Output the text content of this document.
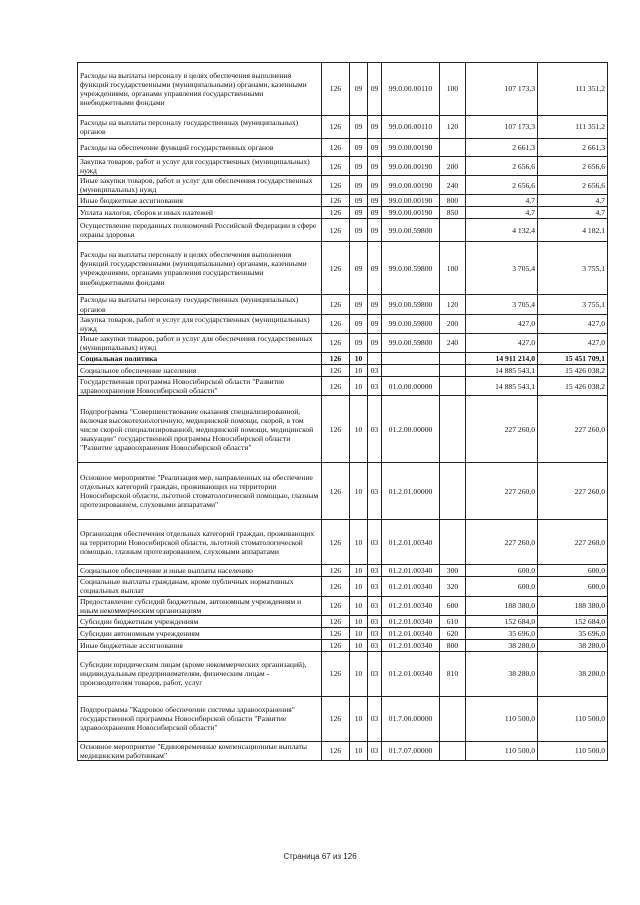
Расходы на выплаты персоналу в целях обеспечения выполнения функций государственными (муниципальными) органами, казенными учреждениями, органами управления государственными внебюджетными фондами	126	09	09	99.0.00.00110	100	107 173,3	111 351,2
Расходы на выплаты персоналу государственных (муниципальных) органов	126	09	09	99.0.00.00110	120	107 173,3	111 351,2
Расходы на обеспечение функций государственных органов	126	09	09	99.0.00.00190		2 661,3	2 661,3
Закупка товаров, работ и услуг для государственных (муниципальных) нужд	126	09	09	99.0.00.00190	200	2 656,6	2 656,6
Иные закупки товаров, работ и услуг для обеспечения государственных (муниципальных) нужд	126	09	09	99.0.00.00190	240	2 656,6	2 656,6
Иные бюджетные ассигнования	126	09	09	99.0.00.00190	800	4,7	4,7
Уплата налогов, сборов и иных платежей	126	09	09	99.0.00.00190	850	4,7	4,7
Осуществление переданных полномочий Российской Федерации в сфере охраны здоровья	126	09	09	99.0.00.59800		4 132,4	4 182,1
Расходы на выплаты персоналу в целях обеспечения выполнения функций государственными (муниципальными) органами, казенными учреждениями, органами управления государственными внебюджетными фондами	126	09	09	99.0.00.59800	100	3 705,4	3 755,1
Расходы на выплаты персоналу государственных (муниципальных) органов	126	09	09	99.0.00.59800	120	3 705,4	3 755,1
Закупка товаров, работ и услуг для государственных (муниципальных) нужд	126	09	09	99.0.00.59800	200	427,0	427,0
Иные закупки товаров, работ и услуг для обеспечения государственных (муниципальных) нужд	126	09	09	99.0.00.59800	240	427,0	427,0
Социальная политика	126	10				14 911 214,0	15 451 709,1
Социальное обеспечение населения	126	10	03			14 885 543,1	15 426 038,2
Государственная программа Новосибирской области "Развитие здравоохранения Новосибирской области"	126	10	03	01.0.00.00000		14 885 543,1	15 426 038,2
Подпрограмма "Совершенствование оказания специализированной, включая высокотехнологичную, медицинской помощи, скорой, в том числе скорой специализированной, медицинской помощи, медицинской эвакуации" государственной программы Новосибирской области "Развитие здравоохранения Новосибирской области"	126	10	03	01.2.00.00000		227 260,0	227 260,0
Основное мероприятие "Реализация мер, направленных на обеспечение отдельных категорий граждан, проживающих на территории Новосибирской области, льготной стоматологической помощью, глазным протезированием, слуховыми аппаратами"	126	10	03	01.2.01.00000		227 260,0	227 260,0
Организация обеспечения отдельных категорий граждан, проживающих на территории Новосибирской области, льготной стоматологической помощью, глазным протезированием, слуховыми аппаратами	126	10	03	01.2.01.00340		227 260,0	227 260,0
Социальное обеспечение и иные выплаты населению	126	10	03	01.2.01.00340	300	600,0	600,0
Социальные выплаты гражданам, кроме публичных нормативных социальных выплат	126	10	03	01.2.01.00340	320	600,0	600,0
Предоставление субсидий бюджетным, автономным учреждениям и иным некоммерческим организациям	126	10	03	01.2.01.00340	600	188 380,0	188 380,0
Субсидии бюджетным учреждениям	126	10	03	01.2.01.00340	610	152 684,0	152 684,0
Субсидии автономным учреждениям	126	10	03	01.2.01.00340	620	35 696,0	35 696,0
Иные бюджетные ассигнования	126	10	03	01.2.01.00340	800	38 280,0	38 280,0
Субсидии юридическим лицам (кроме некоммерческих организаций), индивидуальным предпринимателям, физическим лицам - производителям товаров, работ, услуг	126	10	03	01.2.01.00340	810	38 280,0	38 280,0
Подпрограмма "Кадровое обеспечение системы здравоохранения" государственной программы Новосибирской области "Развитие здравоохранения Новосибирской области"	126	10	03	01.7.00.00000		110 500,0	110 500,0
Основное мероприятие "Единовременные компенсационные выплаты медицинским работникам"	126	10	03	01.7.07.00000		110 500,0	110 500,0
Страница 67 из 126
